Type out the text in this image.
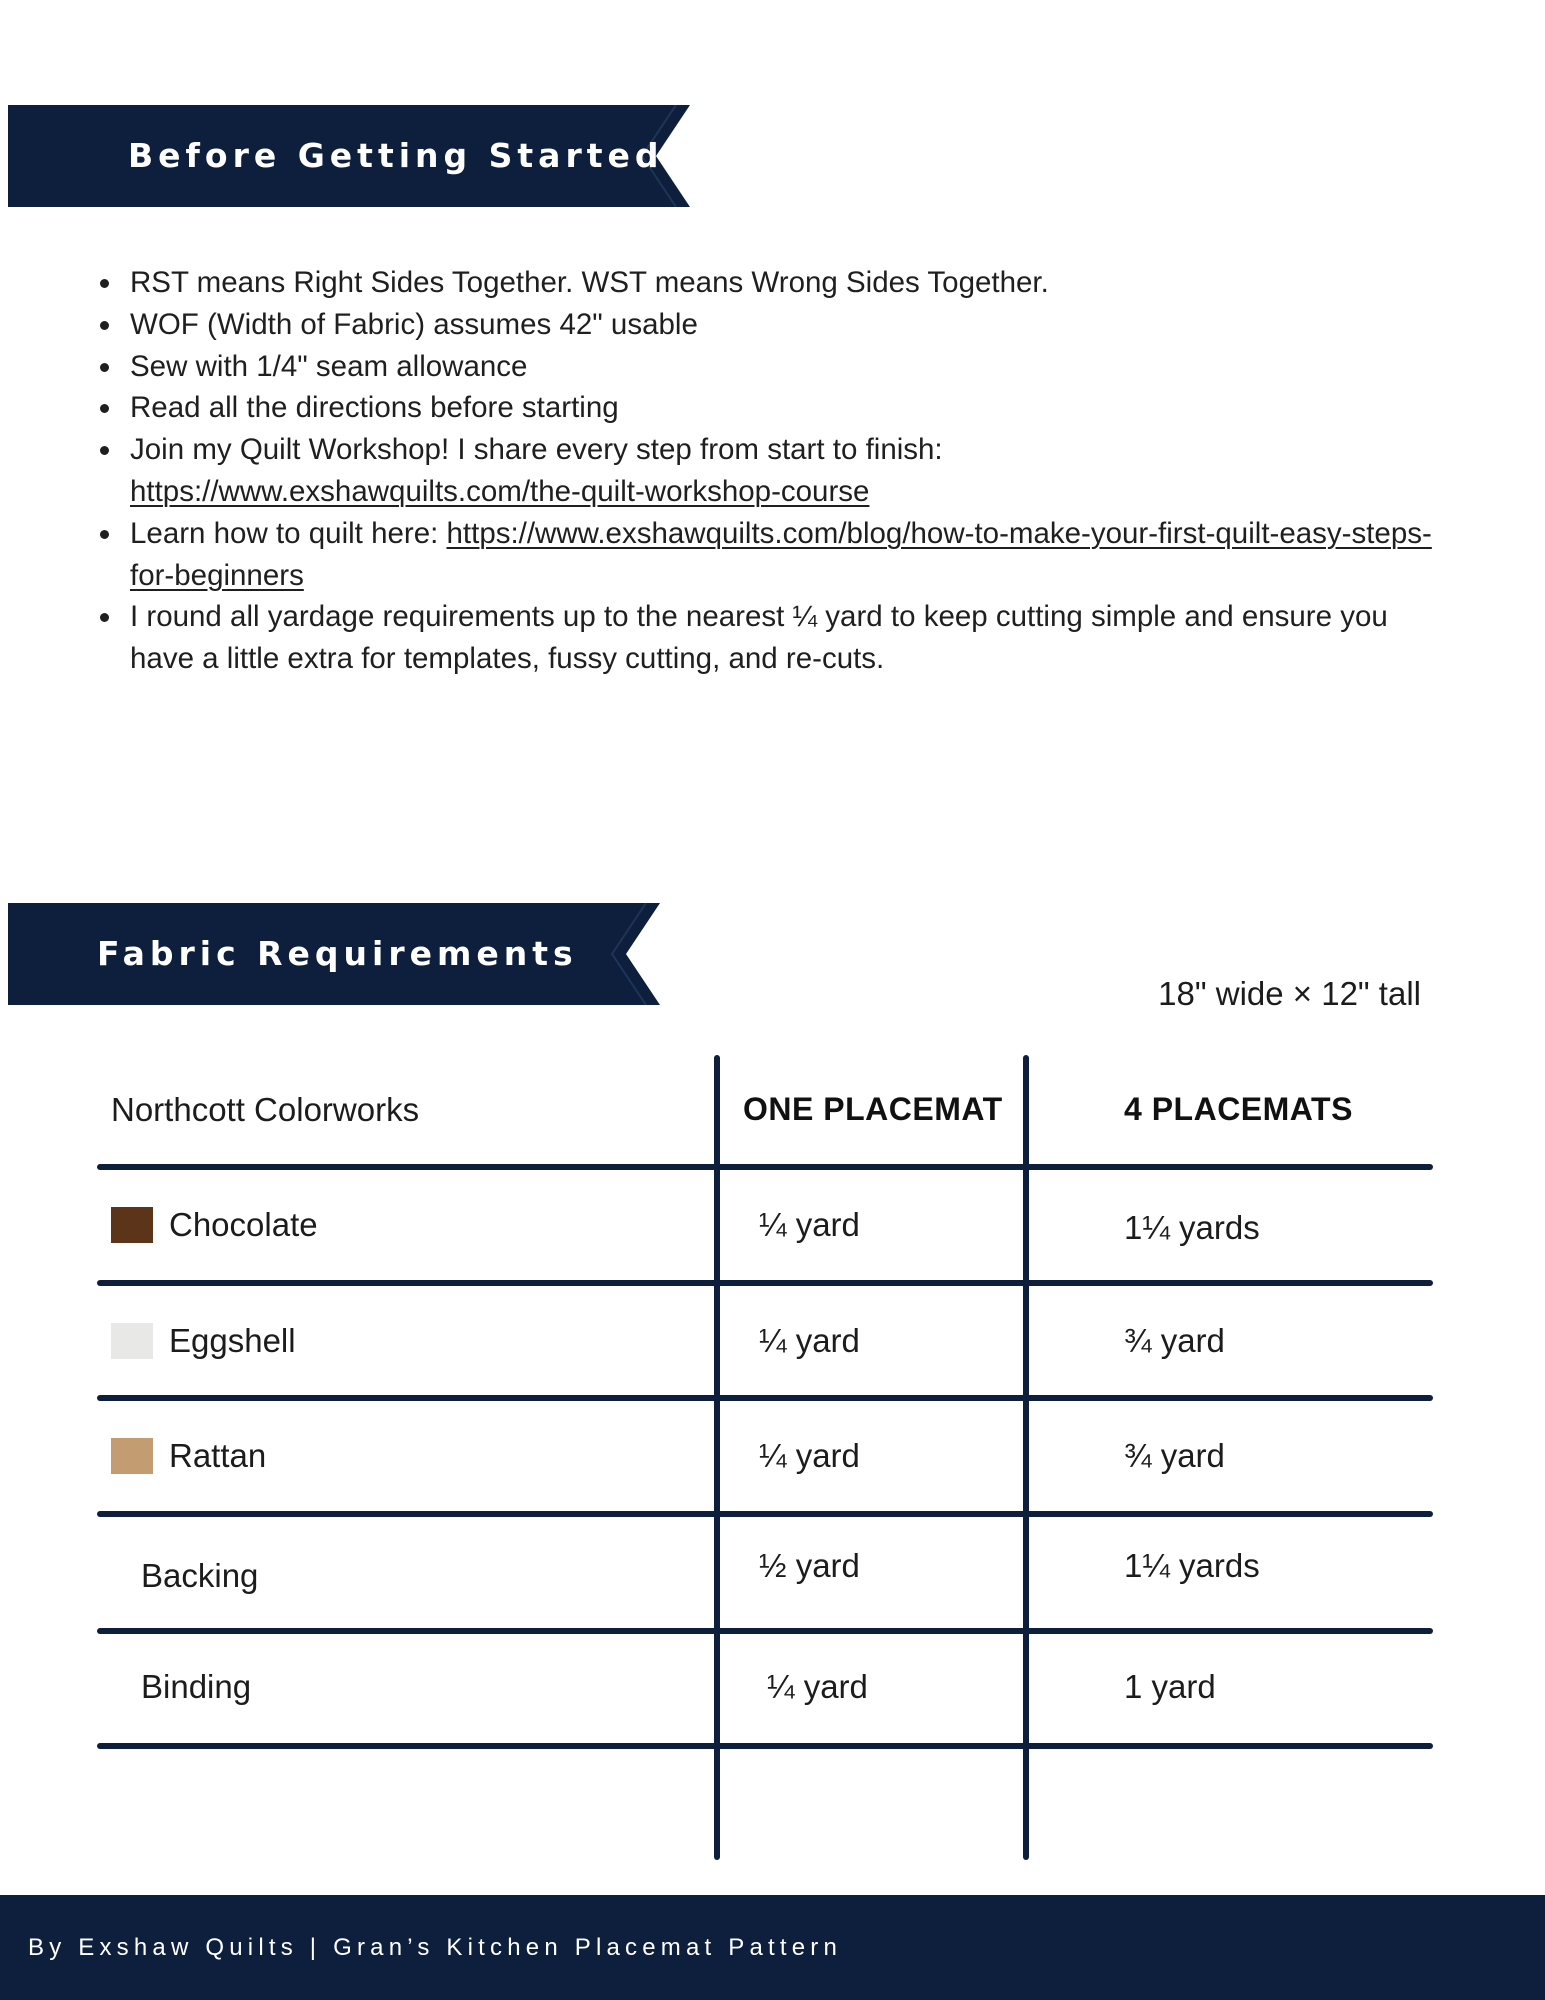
Before Getting Started
RST means Right Sides Together. WST means Wrong Sides Together.
WOF (Width of Fabric) assumes 42" usable
Sew with 1/4" seam allowance
Read all the directions before starting
Join my Quilt Workshop! I share every step from start to finish:
https://www.exshawquilts.com/the-quilt-workshop-course
Learn how to quilt here: https://www.exshawquilts.com/blog/how-to-make-your-first-quilt-easy-steps-for-beginners
I round all yardage requirements up to the nearest ¼ yard to keep cutting simple and ensure you have a little extra for templates, fussy cutting, and re-cuts.
Fabric Requirements
18" wide × 12" tall
Northcott Colorworks	ONE PLACEMAT	4 PLACEMATS
Chocolate	¼ yard	1¼ yards
Eggshell	¼ yard	¾ yard
Rattan	¼ yard	¾ yard
Backing	½ yard	1¼ yards
Binding	¼ yard	1 yard
By Exshaw Quilts | Gran’s Kitchen Placemat Pattern
